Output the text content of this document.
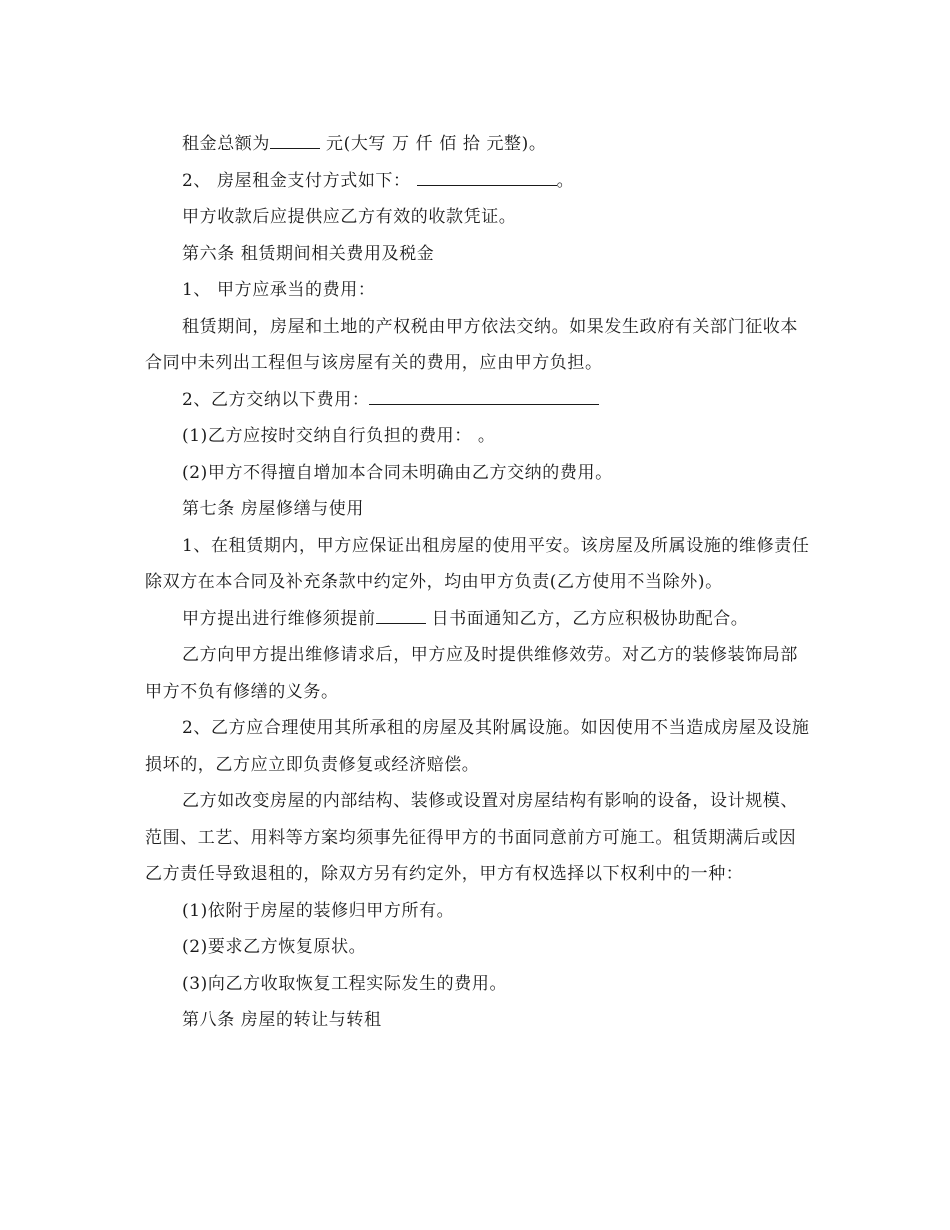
租金总额为	元(大写 万 仟 佰 拾 元整)。

2、 房屋租金支付方式如下：	。

甲方收款后应提供应乙方有效的收款凭证。

第六条 租赁期间相关费用及税金

1、 甲方应承当的费用：

租赁期间，房屋和土地的产权税由甲方依法交纳。如果发生政府有关部门征收本合同中未列出工程但与该房屋有关的费用，应由甲方负担。

2、乙方交纳以下费用：

(1)乙方应按时交纳自行负担的费用： 。

(2)甲方不得擅自增加本合同未明确由乙方交纳的费用。

第七条 房屋修缮与使用

1、在租赁期内，甲方应保证出租房屋的使用平安。该房屋及所属设施的维修责任除双方在本合同及补充条款中约定外，均由甲方负责(乙方使用不当除外)。

甲方提出进行维修须提前	日书面通知乙方，乙方应积极协助配合。

乙方向甲方提出维修请求后，甲方应及时提供维修效劳。对乙方的装修装饰局部甲方不负有修缮的义务。

2、乙方应合理使用其所承租的房屋及其附属设施。如因使用不当造成房屋及设施损坏的，乙方应立即负责修复或经济赔偿。

乙方如改变房屋的内部结构、装修或设置对房屋结构有影响的设备，设计规模、范围、工艺、用料等方案均须事先征得甲方的书面同意前方可施工。租赁期满后或因乙方责任导致退租的，除双方另有约定外，甲方有权选择以下权利中的一种：

(1)依附于房屋的装修归甲方所有。

(2)要求乙方恢复原状。

(3)向乙方收取恢复工程实际发生的费用。

第八条 房屋的转让与转租
